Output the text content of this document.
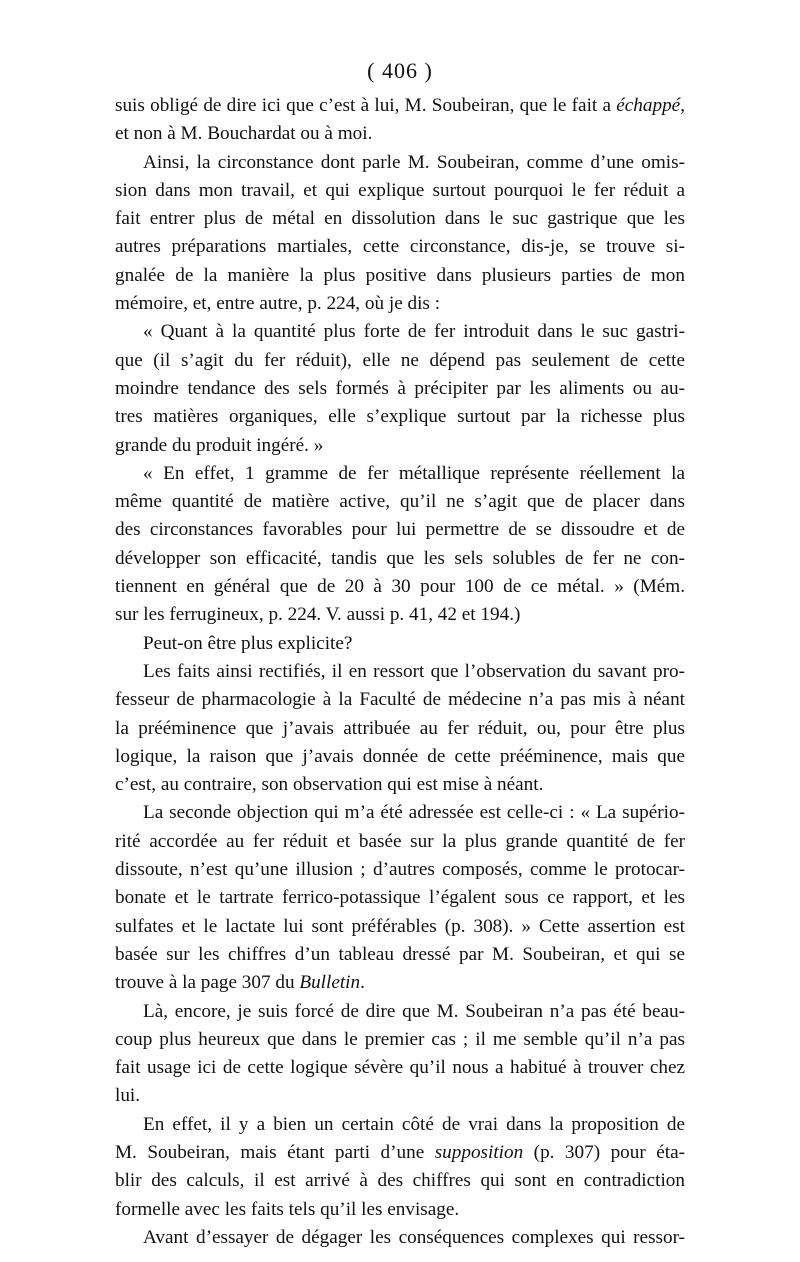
( 406 )
suis obligé de dire ici que c’est à lui, M. Soubeiran, que le fait a échappé,
et non à M. Bouchardat ou à moi.
Ainsi, la circonstance dont parle M. Soubeiran, comme d’une omis-
sion dans mon travail, et qui explique surtout pourquoi le fer réduit a
fait entrer plus de métal en dissolution dans le suc gastrique que les
autres préparations martiales, cette circonstance, dis-je, se trouve si-
gnalée de la manière la plus positive dans plusieurs parties de mon
mémoire, et, entre autre, p. 224, où je dis :
« Quant à la quantité plus forte de fer introduit dans le suc gastri-
que (il s’agit du fer réduit), elle ne dépend pas seulement de cette
moindre tendance des sels formés à précipiter par les aliments ou au-
tres matières organiques, elle s’explique surtout par la richesse plus
grande du produit ingéré. »
« En effet, 1 gramme de fer métallique représente réellement la
même quantité de matière active, qu’il ne s’agit que de placer dans
des circonstances favorables pour lui permettre de se dissoudre et de
développer son efficacité, tandis que les sels solubles de fer ne con-
tiennent en général que de 20 à 30 pour 100 de ce métal. » (Mém.
sur les ferrugineux, p. 224. V. aussi p. 41, 42 et 194.)
Peut-on être plus explicite?
Les faits ainsi rectifiés, il en ressort que l’observation du savant pro-
fesseur de pharmacologie à la Faculté de médecine n’a pas mis à néant
la prééminence que j’avais attribuée au fer réduit, ou, pour être plus
logique, la raison que j’avais donnée de cette prééminence, mais que
c’est, au contraire, son observation qui est mise à néant.
La seconde objection qui m’a été adressée est celle-ci : « La supério-
rité accordée au fer réduit et basée sur la plus grande quantité de fer
dissoute, n’est qu’une illusion ; d’autres composés, comme le protocar-
bonate et le tartrate ferrico-potassique l’égalent sous ce rapport, et les
sulfates et le lactate lui sont préférables (p. 308). » Cette assertion est
basée sur les chiffres d’un tableau dressé par M. Soubeiran, et qui se
trouve à la page 307 du Bulletin.
Là, encore, je suis forcé de dire que M. Soubeiran n’a pas été beau-
coup plus heureux que dans le premier cas ; il me semble qu’il n’a pas
fait usage ici de cette logique sévère qu’il nous a habitué à trouver chez
lui.
En effet, il y a bien un certain côté de vrai dans la proposition de
M. Soubeiran, mais étant parti d’une supposition (p. 307) pour éta-
blir des calculs, il est arrivé à des chiffres qui sont en contradiction
formelle avec les faits tels qu’il les envisage.
Avant d’essayer de dégager les conséquences complexes qui ressor-
